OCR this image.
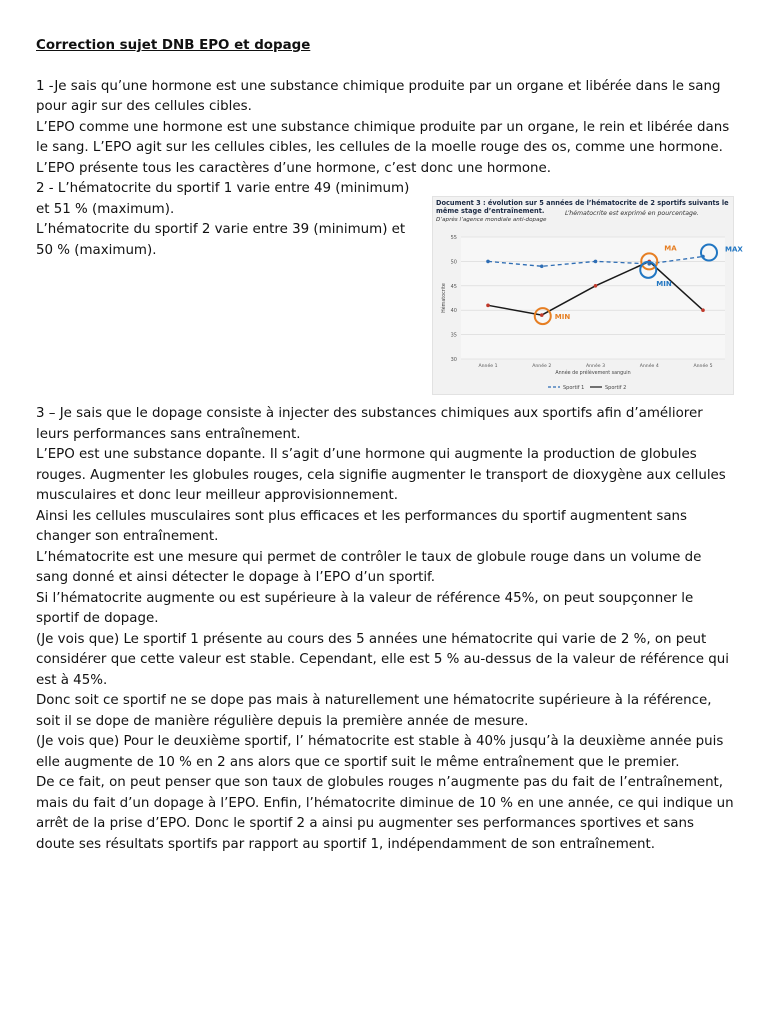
Correction sujet DNB EPO et dopage

1 -Je sais qu’une hormone est une substance chimique produite par un organe et libérée dans le sang pour agir sur des cellules cibles.

L’EPO comme une hormone est une substance chimique produite par un organe, le rein et libérée dans le sang. L’EPO agit sur les cellules cibles, les cellules de la moelle rouge des os, comme une hormone.

L’EPO présente tous les caractères d’une hormone, c’est donc une hormone.

2 - L’hématocrite du sportif 1 varie entre 49 (minimum) et 51 % (maximum).

L’hématocrite du sportif 2 varie entre 39 (minimum) et 50 % (maximum).

Document 3 : évolution sur 5 années de l’hématocrite de 2 sportifs suivants le même stage d’entraînement.	L’hématocrite est exprimé en pourcentage.
D’après l’agence mondiale anti-dopage
30
35
40
45
50
55
Année 1	Année 2	Année 3	Année 4	Année 5
Année de prélèvement sanguin
Hématocrite
MA	MAX
MIN
MIN
Sportif 1	Sportif 2

3 – Je sais que le dopage consiste à injecter des substances chimiques aux sportifs afin d’améliorer leurs performances sans entraînement.

L’EPO est une substance dopante. Il s’agit d’une hormone qui augmente la production de globules rouges. Augmenter les globules rouges, cela signifie augmenter le transport de dioxygène aux cellules musculaires et donc leur meilleur approvisionnement.

Ainsi les cellules musculaires sont plus efficaces et les performances du sportif augmentent sans changer son entraînement.

L’hématocrite est une mesure qui permet de contrôler le taux de globule rouge dans un volume de sang donné et ainsi détecter le dopage à l’EPO d’un sportif.

Si l’hématocrite augmente ou est supérieure à la valeur de référence 45%, on peut soupçonner le sportif de dopage.

(Je vois que) Le sportif 1 présente au cours des 5 années une hématocrite qui varie de 2 %, on peut considérer que cette valeur est stable. Cependant, elle est 5 % au-dessus de la valeur de référence qui est à 45%.

Donc soit ce sportif ne se dope pas mais à naturellement une hématocrite supérieure à la référence, soit il se dope de manière régulière depuis la première année de mesure.

(Je vois que) Pour le deuxième sportif, l’ hématocrite est stable à 40% jusqu’à la deuxième année puis elle augmente de 10 % en 2 ans alors que ce sportif suit le même entraînement que le premier.

De ce fait, on peut penser que son taux de globules rouges n’augmente pas du fait de l’entraînement, mais du fait d’un dopage à l’EPO. Enfin, l’hématocrite diminue de 10 % en une année, ce qui indique un arrêt de la prise d’EPO. Donc le sportif 2 a ainsi pu augmenter ses performances sportives et sans doute ses résultats sportifs par rapport au sportif 1, indépendamment de son entraînement.
